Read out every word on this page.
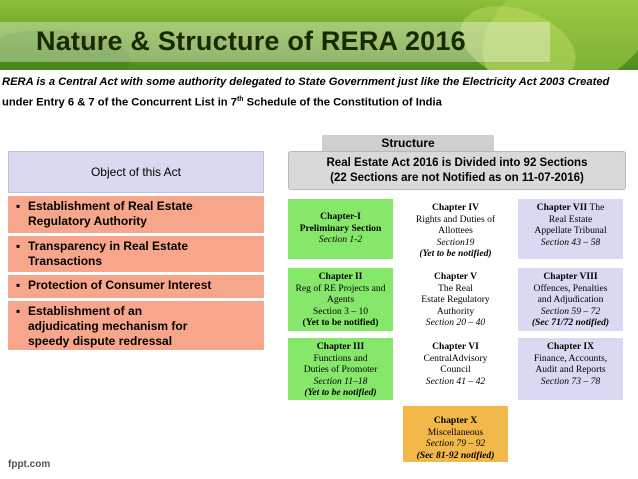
Nature & Structure of RERA 2016
RERA is a Central Act with some authority delegated to State Government just like the Electricity Act 2003 Created
under Entry 6 & 7 of the Concurrent List in 7th Schedule of the Constitution of India
Object of this Act
▪ Establishment of Real Estate
Regulatory Authority
▪ Transparency in Real Estate
Transactions
▪ Protection of Consumer Interest
▪ Establishment of an
adjudicating mechanism for
speedy dispute redressal
Structure
Real Estate Act 2016 is Divided into 92 Sections
(22 Sections are not Notified as on 11-07-2016)
Chapter-I
Preliminary Section
Section 1-2
Chapter IV
Rights and Duties of
Allottees
Section19
(Yet to be notified)
Chapter VII The
Real Estate
Appellate Tribunal
Section 43 – 58
Chapter II
Reg of RE Projects and
Agents
Section 3 – 10
(Yet to be notified)
Chapter V
The Real
Estate Regulatory
Authority
Section 20 – 40
Chapter VIII
Offences, Penalties
and Adjudication
Section 59 – 72
(Sec 71/72 notified)
Chapter III
Functions and
Duties of Promoter
Section 11–18
(Yet to be notified)
Chapter VI
CentralAdvisory
Council
Section 41 – 42
Chapter IX
Finance, Accounts,
Audit and Reports
Section 73 – 78
Chapter X
Miscellaneous
Section 79 – 92
(Sec 81-92 notified)
fppt.com
